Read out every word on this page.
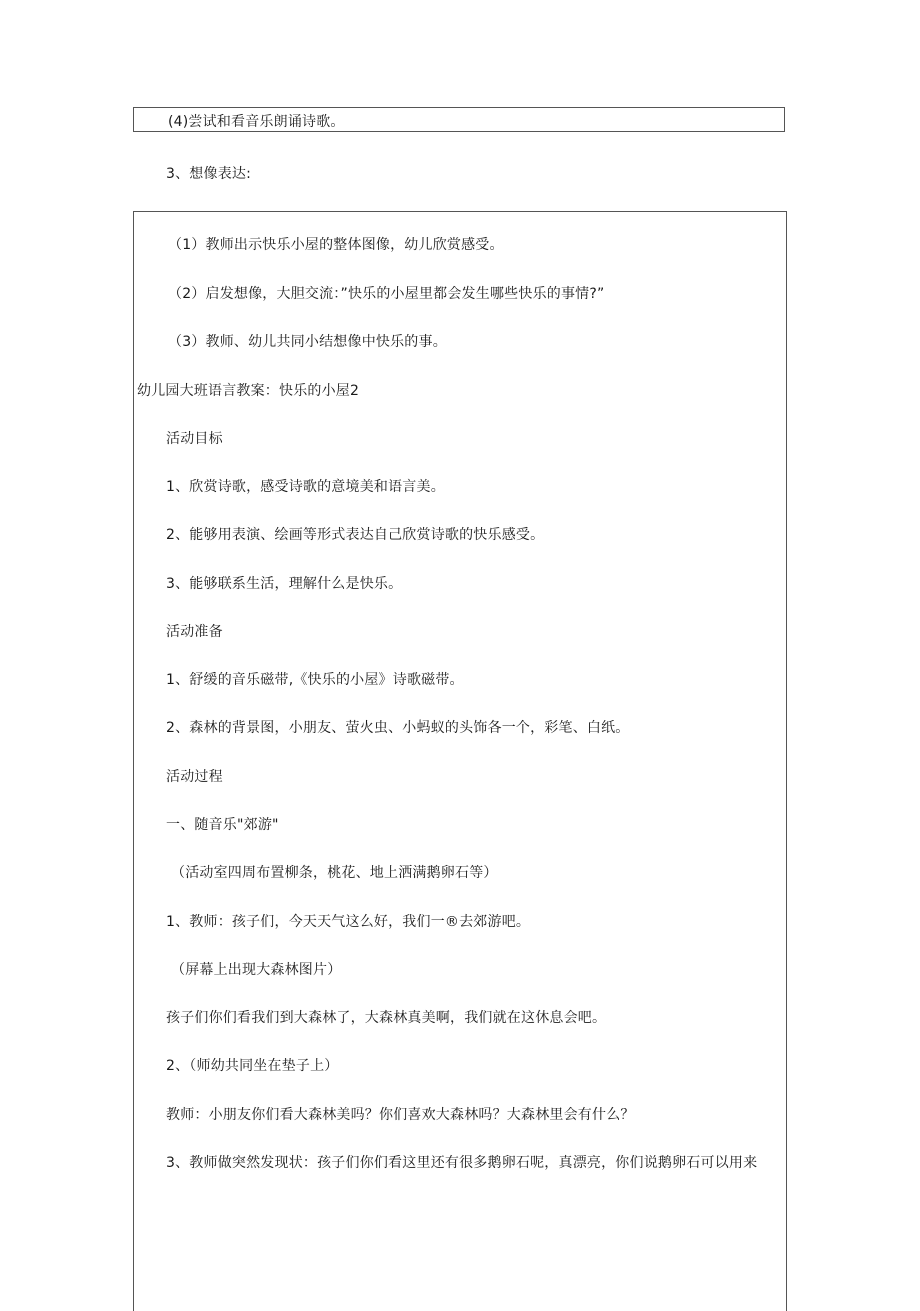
(4)尝试和看音乐朗诵诗歌。
3、想像表达:
（1）教师出示快乐小屋的整体图像，幼儿欣赏感受。
（2）启发想像，大胆交流：”快乐的小屋里都会发生哪些快乐的事情?”
（3）教师、幼儿共同小结想像中快乐的事。
幼儿园大班语言教案：快乐的小屋2
活动目标
1、欣赏诗歌，感受诗歌的意境美和语言美。
2、能够用表演、绘画等形式表达自己欣赏诗歌的快乐感受。
3、能够联系生活，理解什么是快乐。
活动准备
1、舒缓的音乐磁带,《快乐的小屋》诗歌磁带。
2、森林的背景图，小朋友、萤火虫、小蚂蚁的头饰各一个，彩笔、白纸。
活动过程
一、随音乐"郊游"
（活动室四周布置柳条，桃花、地上洒满鹅卵石等）
1、教师：孩子们，今天天气这么好，我们一®去郊游吧。
（屏幕上出现大森林图片）
孩子们你们看我们到大森林了，大森林真美啊，我们就在这休息会吧。
2、（师幼共同坐在垫子上）
教师：小朋友你们看大森林美吗？你们喜欢大森林吗？大森林里会有什么？
3、教师做突然发现状：孩子们你们看这里还有很多鹅卵石呢，真漂亮，你们说鹅卵石可以用来
